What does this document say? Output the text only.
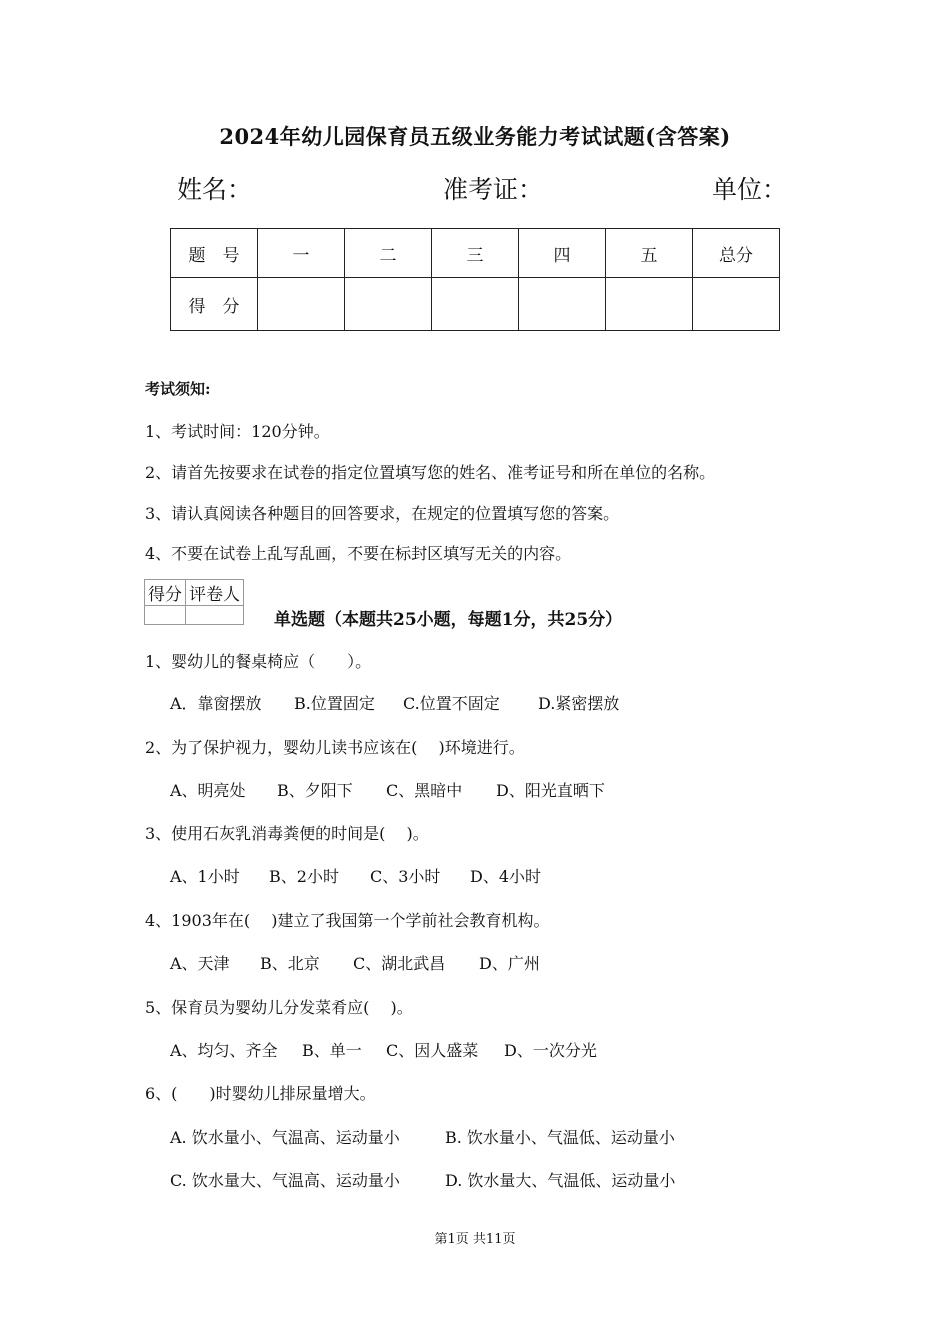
2024年幼儿园保育员五级业务能力考试试题(含答案)
姓名：	准考证：	单位：
题　号	一	二	三	四	五	总分
得　分						
考试须知:
1、考试时间：120分钟。
2、请首先按要求在试卷的指定位置填写您的姓名、准考证号和所在单位的名称。
3、请认真阅读各种题目的回答要求，在规定的位置填写您的答案。
4、不要在试卷上乱写乱画，不要在标封区填写无关的内容。
得分	评卷人

单选题（本题共25小题，每题1分，共25分）
1、婴幼儿的餐桌椅应（　　）。
A．靠窗摆放 B.位置固定 C.位置不固定 D.紧密摆放
2、为了保护视力，婴幼儿读书应该在(　 )环境进行。
A、明亮处 B、夕阳下 C、黑暗中 D、阳光直晒下
3、使用石灰乳消毒粪便的时间是(　 )。
A、1小时 B、2小时 C、3小时 D、4小时
4、1903年在(　 )建立了我国第一个学前社会教育机构。
A、天津 B、北京 C、湖北武昌 D、广州
5、保育员为婴幼儿分发菜肴应(　 )。
A、均匀、齐全 B、单一 C、因人盛菜 D、一次分光
6、(　　)时婴幼儿排尿量增大。
A. 饮水量小、气温高、运动量小	B. 饮水量小、气温低、运动量小
C. 饮水量大、气温高、运动量小	D. 饮水量大、气温低、运动量小
第1页 共11页
